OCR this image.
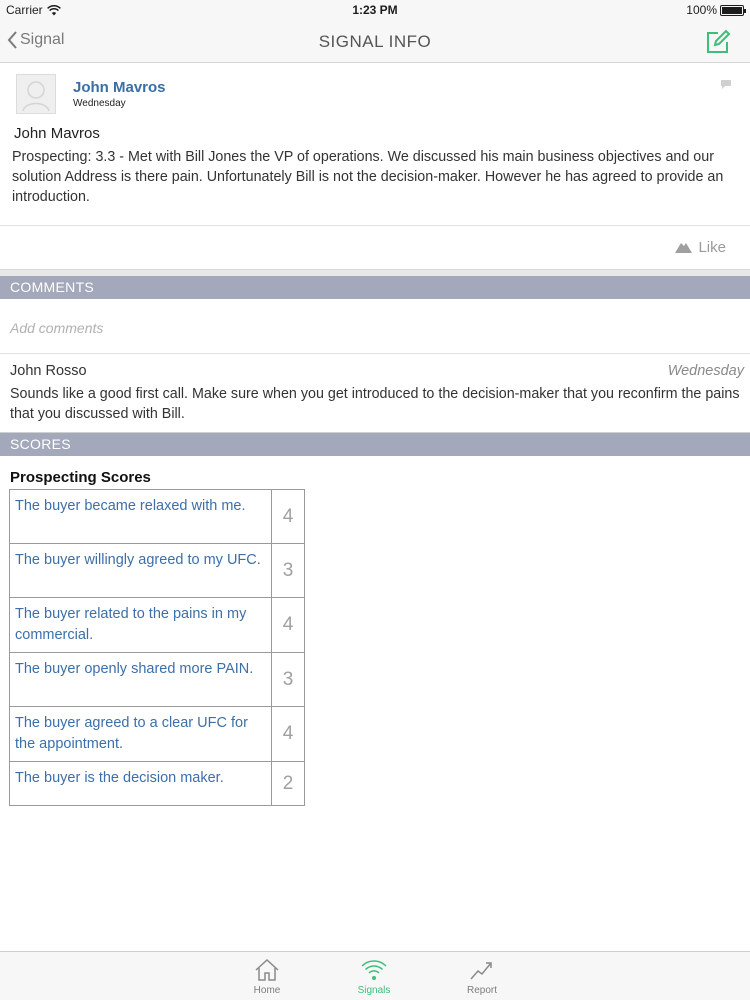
Carrier	1:23 PM	100%
Signal	SIGNAL INFO
John Mavros
Wednesday
John Mavros
Prospecting: 3.3 - Met with Bill Jones the VP of operations. We discussed his main business objectives and our solution Address is there pain. Unfortunately Bill is not the decision-maker. However he has agreed to provide an introduction.
Like
COMMENTS
Add comments
John Rosso	Wednesday
Sounds like a good first call. Make sure when you get introduced to the decision-maker that you reconfirm the pains that you discussed with Bill.
SCORES
Prospecting Scores
The buyer became relaxed with me.	4
The buyer willingly agreed to my UFC.	3
The buyer related to the pains in my commercial.	4
The buyer openly shared more PAIN.	3
The buyer agreed to a clear UFC for the appointment.	4
The buyer is the decision maker.	2
Home	Signals	Report
